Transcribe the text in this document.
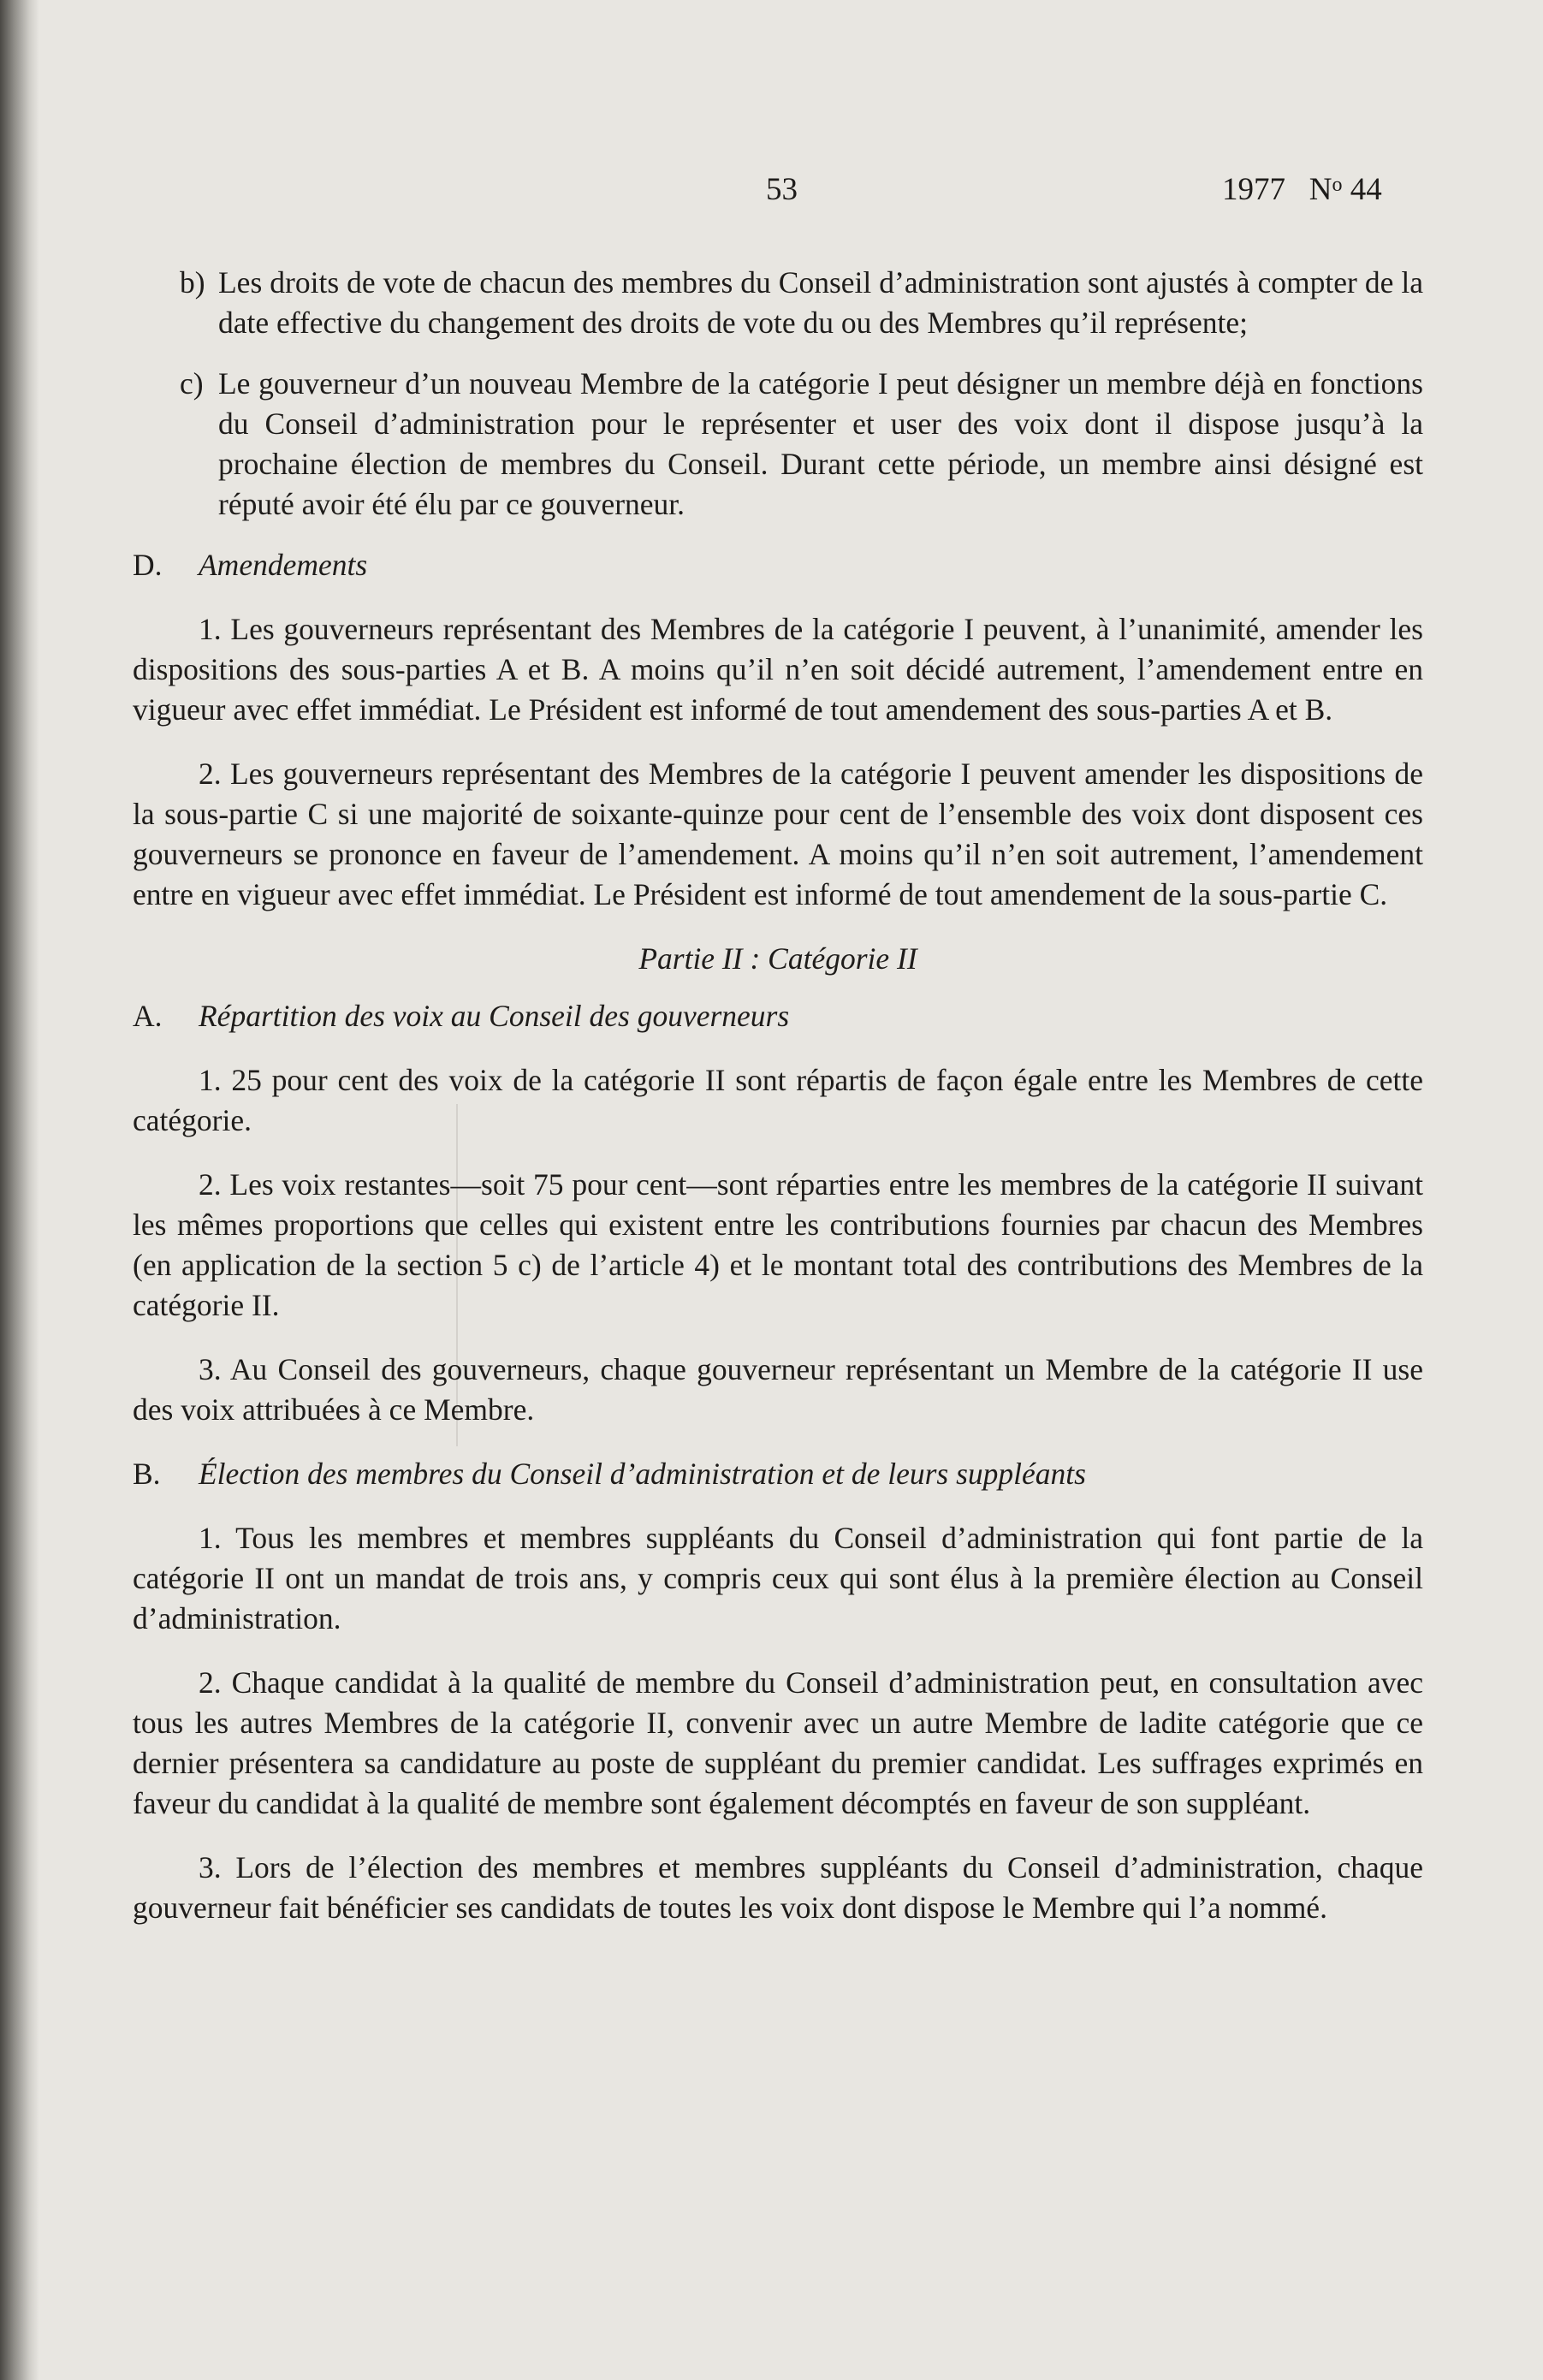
53	1977 $N^o$ 44
b) Les droits de vote de chacun des membres du Conseil d’administration sont ajustés à compter de la date effective du changement des droits de vote du ou des Membres qu’il représente;
c) Le gouverneur d’un nouveau Membre de la catégorie I peut désigner un membre déjà en fonctions du Conseil d’administration pour le représenter et user des voix dont il dispose jusqu’à la prochaine élection de membres du Conseil. Durant cette période, un membre ainsi désigné est réputé avoir été élu par ce gouverneur.
D.	Amendements

1. Les gouverneurs représentant des Membres de la catégorie I peuvent, à l’unanimité, amender les dispositions des sous-parties A et B. A moins qu’il n’en soit décidé autrement, l’amendement entre en vigueur avec effet immédiat. Le Président est informé de tout amendement des sous-parties A et B.

2. Les gouverneurs représentant des Membres de la catégorie I peuvent amender les dispositions de la sous-partie C si une majorité de soixante-quinze pour cent de l’ensemble des voix dont disposent ces gouverneurs se prononce en faveur de l’amendement. A moins qu’il n’en soit autrement, l’amendement entre en vigueur avec effet immédiat. Le Président est informé de tout amendement de la sous-partie C.

Partie II : Catégorie II
A.	Répartition des voix au Conseil des gouverneurs

1. 25 pour cent des voix de la catégorie II sont répartis de façon égale entre les Membres de cette catégorie.

2. Les voix restantes—soit 75 pour cent—sont réparties entre les membres de la catégorie II suivant les mêmes proportions que celles qui existent entre les contributions fournies par chacun des Membres (en application de la section 5 c) de l’article 4) et le montant total des contributions des Membres de la catégorie II.

3. Au Conseil des gouverneurs, chaque gouverneur représentant un Membre de la catégorie II use des voix attribuées à ce Membre.

B.	Élection des membres du Conseil d’administration et de leurs suppléants

1. Tous les membres et membres suppléants du Conseil d’administration qui font partie de la catégorie II ont un mandat de trois ans, y compris ceux qui sont élus à la première élection au Conseil d’administration.

2. Chaque candidat à la qualité de membre du Conseil d’administration peut, en consultation avec tous les autres Membres de la catégorie II, convenir avec un autre Membre de ladite catégorie que ce dernier présentera sa candidature au poste de suppléant du premier candidat. Les suffrages exprimés en faveur du candidat à la qualité de membre sont également décomptés en faveur de son suppléant.

3. Lors de l’élection des membres et membres suppléants du Conseil d’administration, chaque gouverneur fait bénéficier ses candidats de toutes les voix dont dispose le Membre qui l’a nommé.
